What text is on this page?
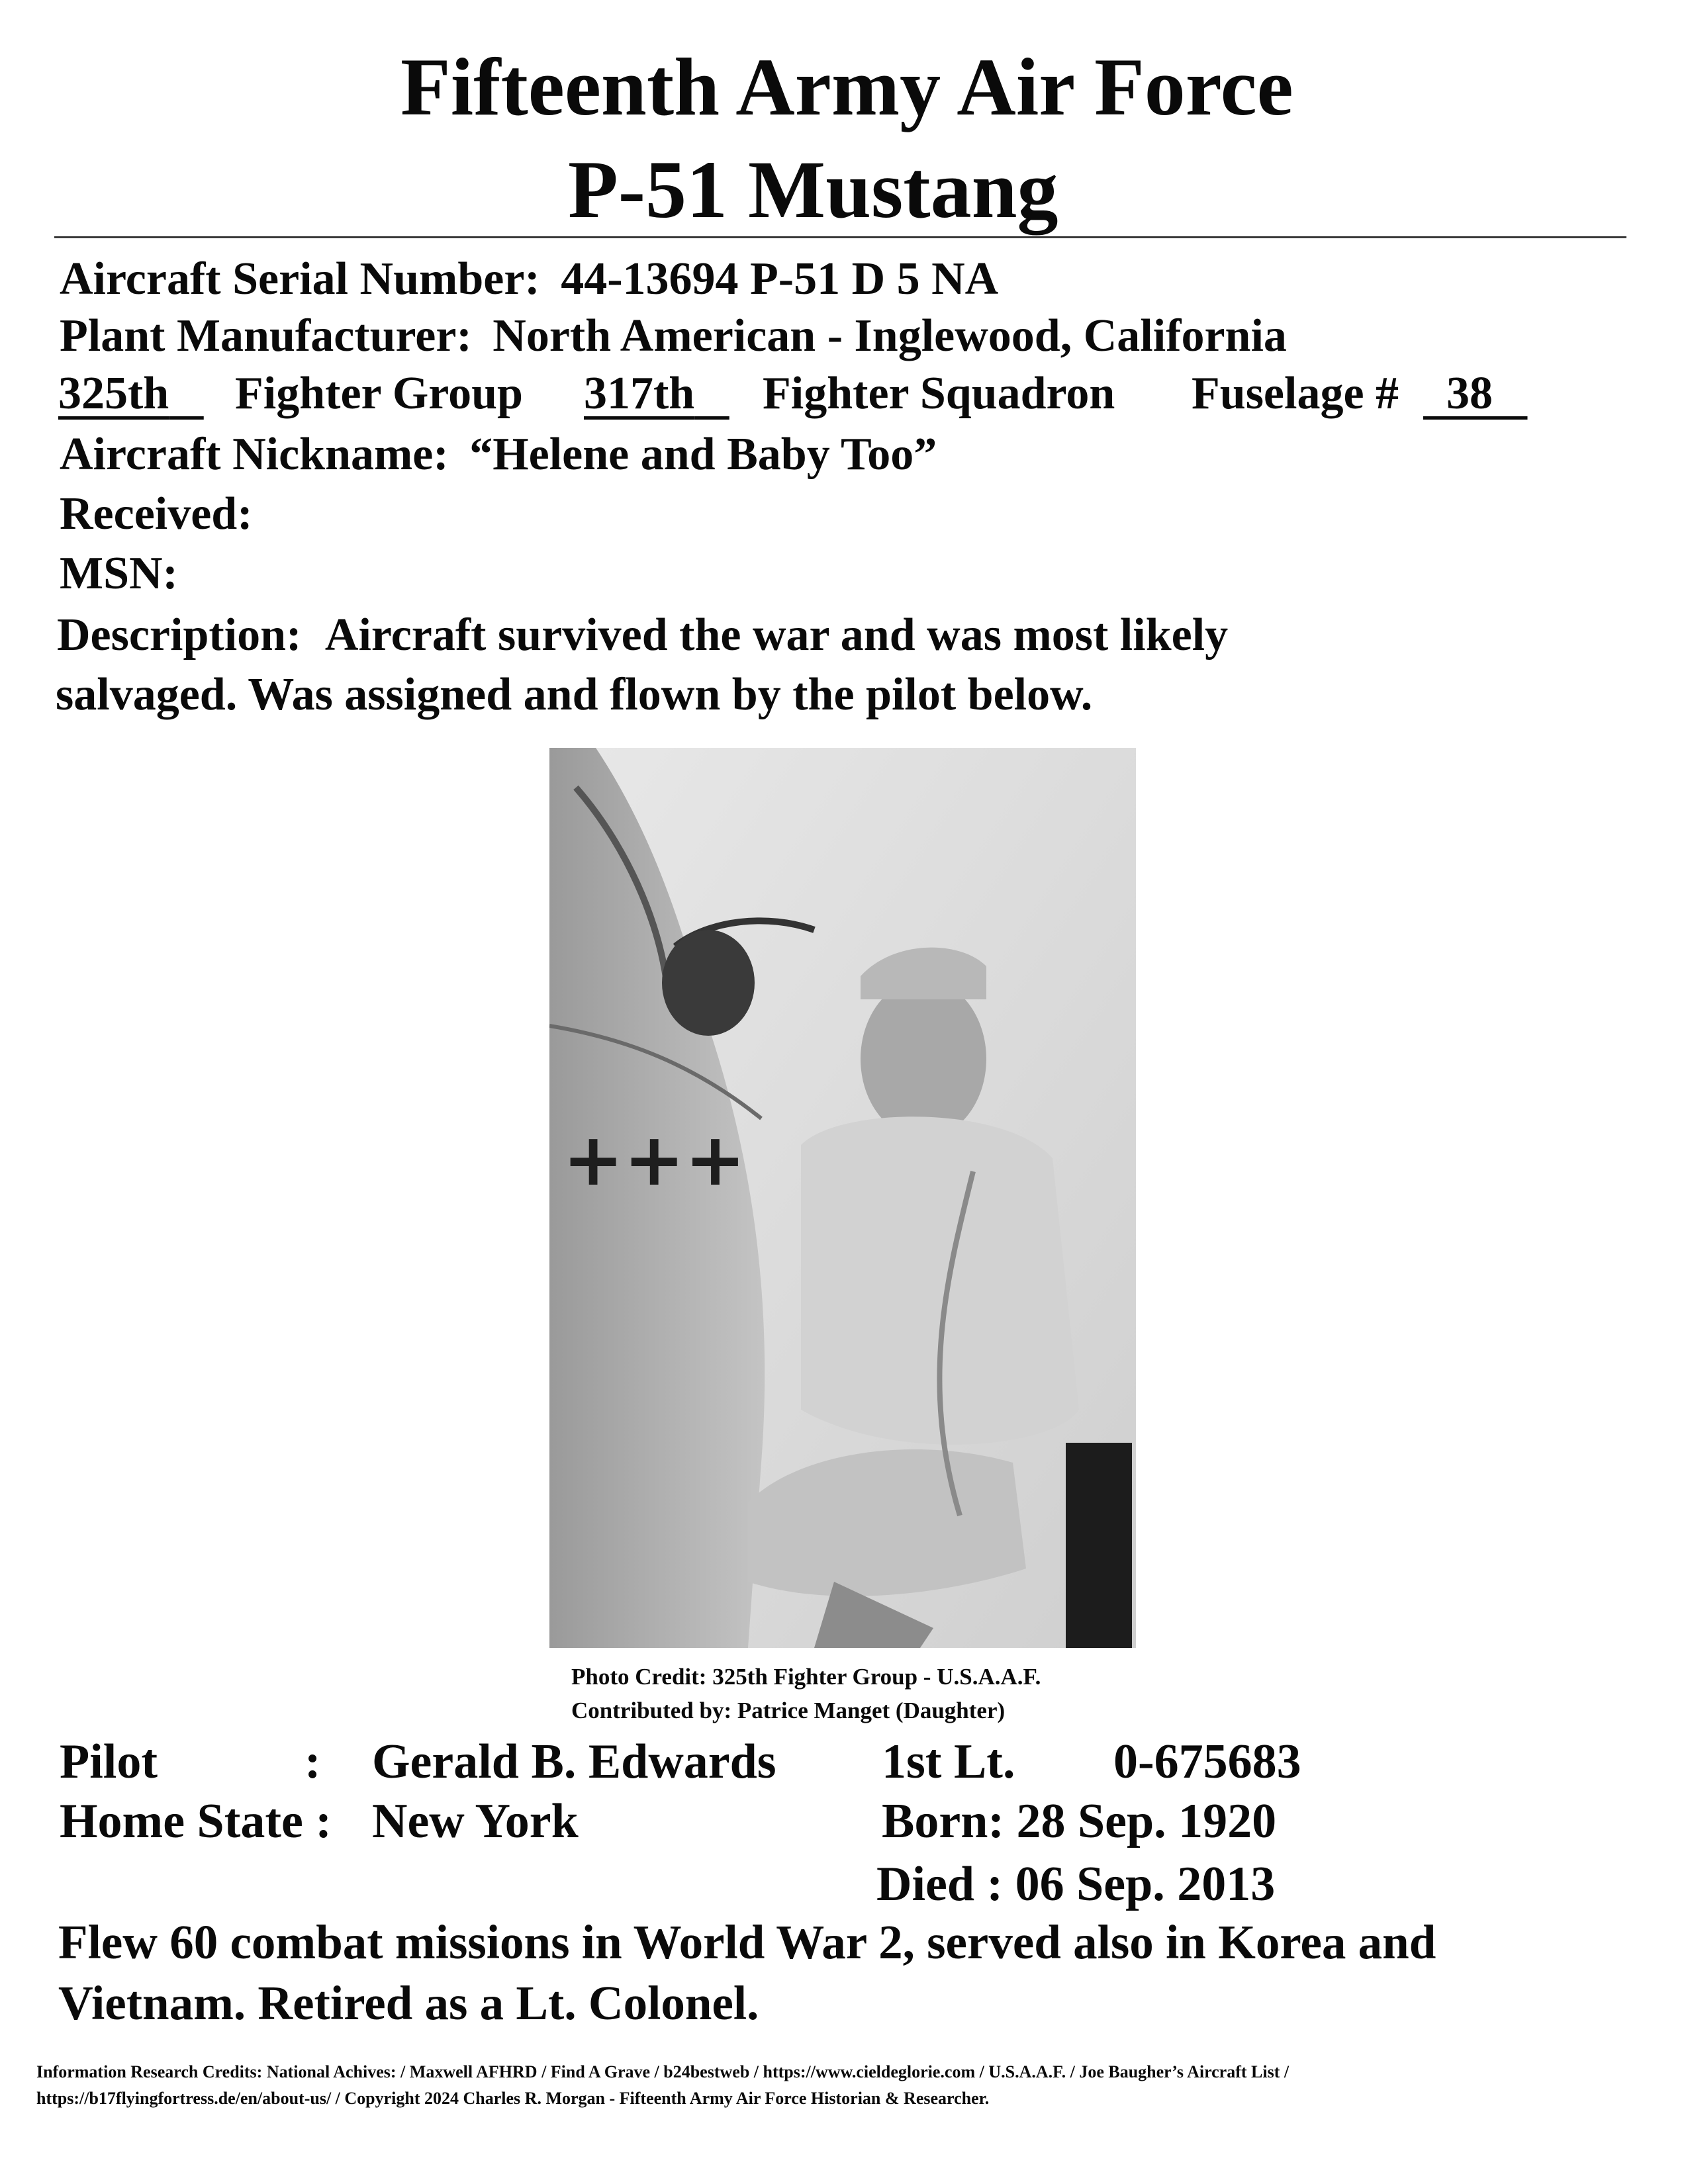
Fifteenth Army Air Force
P-51 Mustang
Aircraft Serial Number: 44-13694 P-51 D 5 NA
Plant Manufacturer: North American - Inglewood, California
325th	Fighter Group 317th	Fighter Squadron Fuselage #	38
Aircraft Nickname: “Helene and Baby Too”
Received:
MSN:
Description: Aircraft survived the war and was most likely
salvaged. Was assigned and flown by the pilot below.
+++
Photo Credit: 325th Fighter Group - U.S.A.A.F.
Contributed by: Patrice Manget (Daughter)
Pilot	: Gerald B. Edwards 1st Lt. 0-675683
Home State : New York	Born: 28 Sep. 1920
Died : 06 Sep. 2013
Flew 60 combat missions in World War 2, served also in Korea and
Vietnam. Retired as a Lt. Colonel.
Information Research Credits: National Achives: / Maxwell AFHRD / Find A Grave / b24bestweb / https://www.cieldeglorie.com / U.S.A.A.F. / Joe Baugher’s Aircraft List /
https://b17flyingfortress.de/en/about-us/ / Copyright 2024 Charles R. Morgan - Fifteenth Army Air Force Historian & Researcher.
